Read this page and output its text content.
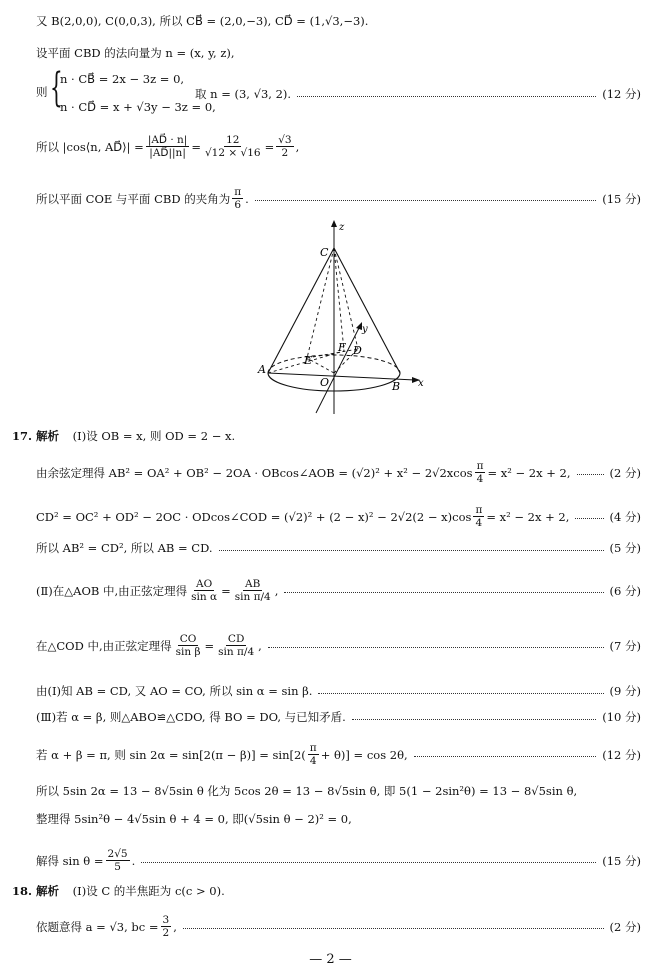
又 B(2,0,0), C(0,0,3), 所以 CB⃗ = (2,0,−3), CD⃗ = (1,√3,−3).
设平面 CBD 的法向量为 n = (x, y, z),
则 {
n · CB⃗ = 2x − 3z = 0,
n · CD⃗ = x + √3y − 3z = 0,
取 n = (3, √3, 2).	(12 分)
所以 |cos⟨n, AD⃗⟩| = $\frac{|AD⃗ \cdot n|}{|AD⃗||n|} = \frac{12}{√12 \times √16} = \frac{√3}{2}$ ,
所以平面 COE 与平面 CBD 的夹角为 $\frac{\pi}{6}$ .	(15 分)
z
C
y
F D
E
A
O	B x
17. 解析 (Ⅰ)设 OB = x, 则 OD = 2 − x.
由余弦定理得 AB² = OA² + OB² − 2OA · OBcos∠AOB = $(√2)^2 + x^2 - 2√2xcos \frac{\pi}{4} = x^2 - 2x + 2$,	(2 分)
CD² = OC² + OD² − 2OC · ODcos∠COD = $(√2)^2 + (2 - x)^2 - 2√2(2 - x)\cos \frac{\pi}{4} = x^2 - 2x + 2$,	(4 分)
所以 AB² = CD², 所以 AB = CD.	(5 分)
(Ⅱ)在△AOB 中,由正弦定理得 $\frac{AO}{\text{sin α}} = \frac{AB}{\text{sin π/4}}$ ,	(6 分)
在△COD 中,由正弦定理得 $\frac{CO}{\text{sin β}} = \frac{CD}{\text{sin π/4}}$ ,	(7 分)
由(Ⅰ)知 AB = CD, 又 AO = CO, 所以 sin α = sin β.	(9 分)
(Ⅲ)若 α = β, 则△ABO≌△CDO, 得 BO = DO, 与已知矛盾.	(10 分)
若 α + β = π, 则 $\sin 2\alpha = \sin[2(\pi - \beta)] = \sin[2( \frac{\pi}{4} + \theta)] = \cos 2\theta$,	(12 分)
所以 5sin 2α = 13 − 8√5sin θ 化为 5cos 2θ = 13 − 8√5sin θ, 即 5(1 − 2sin²θ) = 13 − 8√5sin θ,
整理得 5sin²θ − 4√5sin θ + 4 = 0, 即(√5sin θ − 2)² = 0,
解得 $\sin \theta = \frac{2√5}{5}$ .	(15 分)
18. 解析 (Ⅰ)设 C 的半焦距为 c(c > 0).
依题意得 a = √3, bc = $\frac{3}{2}$ ,	(2 分)
— 2 —
